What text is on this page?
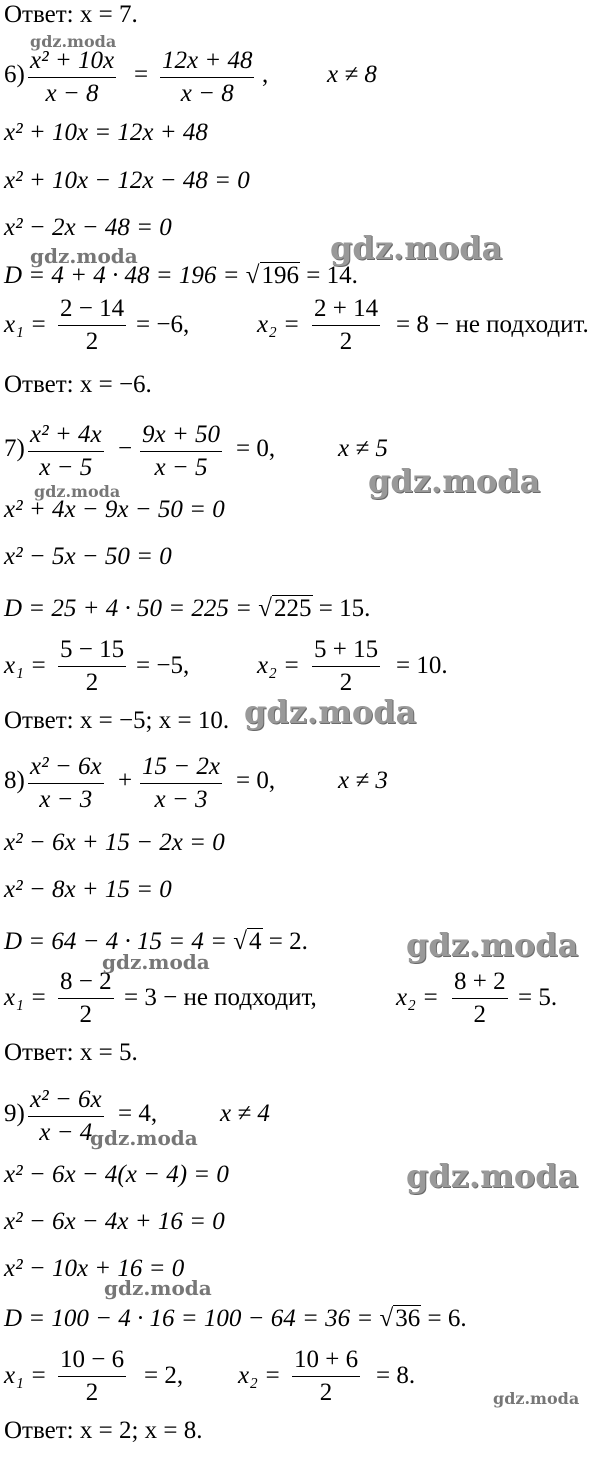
Ответ: x = 7.
6)
x² + 10x
x − 8
=
12x + 48
x − 8
, x ≠ 8
x² + 10x = 12x + 48
x² + 10x − 12x − 48 = 0
x² − 2x − 48 = 0
D = 4 + 4 · 48 = 196 = √196 = 14.
x₁ =
2 − 14
2
= −6,	x₂ =
2 + 14
2
= 8 − не подходит.
Ответ: x = −6.
7)
x² + 4x
x − 5
−
9x + 50
x − 5
= 0,	x ≠ 5
x² + 4x − 9x − 50 = 0
x² − 5x − 50 = 0
D = 25 + 4 · 50 = 225 = √225 = 15.
x₁ =
5 − 15
2
= −5,	x₂ =
5 + 15
2
= 10.
Ответ: x = −5; x = 10.
8)
x² − 6x
x − 3
+
15 − 2x
x − 3
= 0,	x ≠ 3
x² − 6x + 15 − 2x = 0
x² − 8x + 15 = 0
D = 64 − 4 · 15 = 4 = √4 = 2.
x₁ =
8 − 2
2
= 3 − не подходит,	x₂ =
8 + 2
2
= 5.
Ответ: x = 5.
9)
x² − 6x
x − 4
= 4,	x ≠ 4
x² − 6x − 4(x − 4) = 0
x² − 6x − 4x + 16 = 0
x² − 10x + 16 = 0
D = 100 − 4 · 16 = 100 − 64 = 36 = √36 = 6.
x₁ =
10 − 6
2
= 2, x₂ =
10 + 6
2
= 8.
Ответ: x = 2; x = 8.
gdz.moda
gdz.moda
gdz.moda
gdz.moda
gdz.moda
gdz.moda
gdz.moda
gdz.moda
gdz.moda
gdz.moda
gdz.moda
gdz.moda
